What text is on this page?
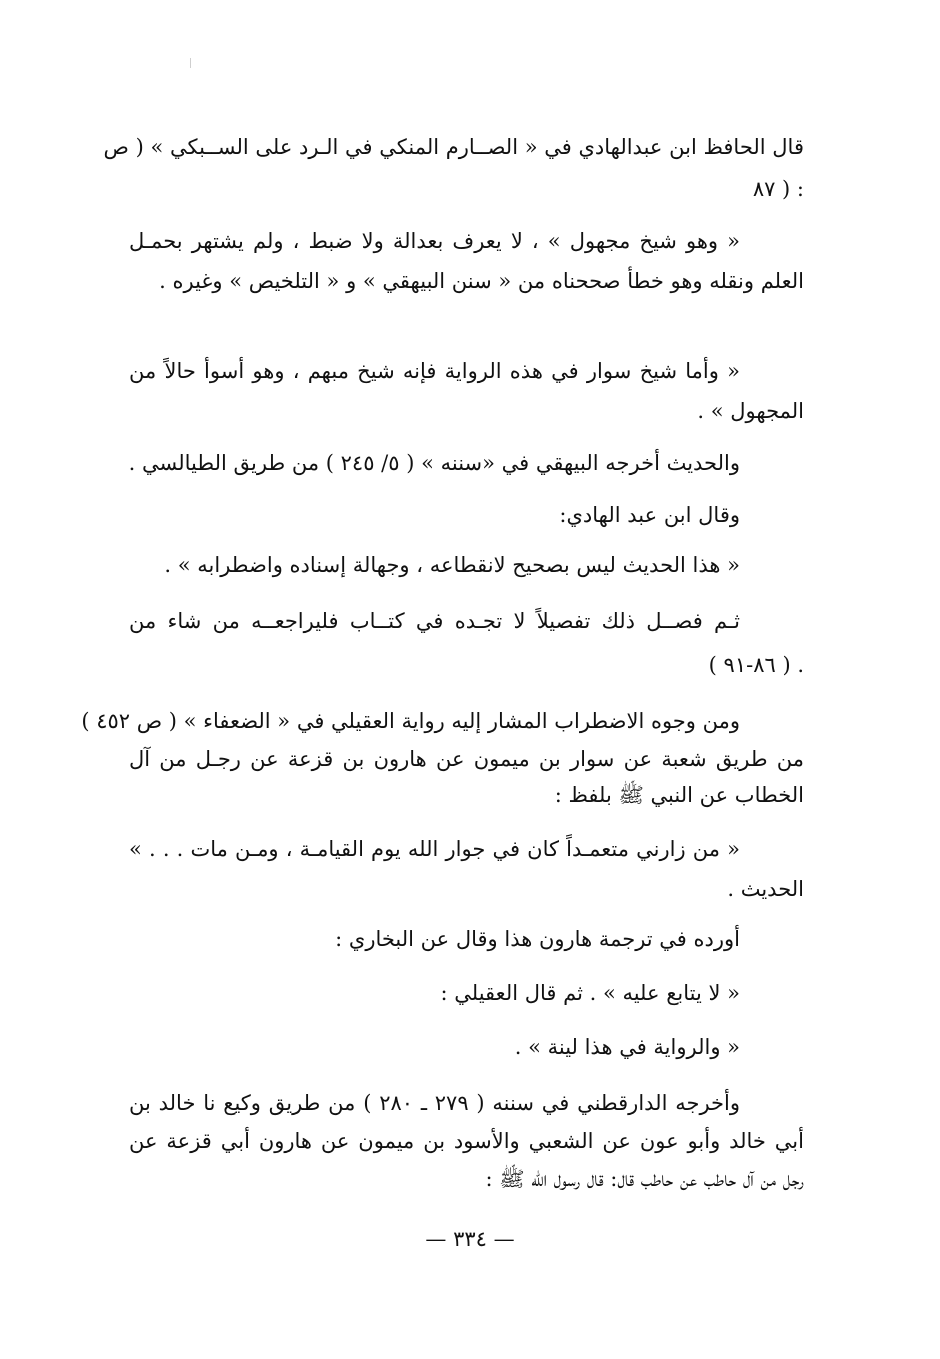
قال الحافظ ابن عبدالهادي في « الصــارم المنكي في الـرد على الســبكي » ( ص
٨٧ ) :
« وهو شيخ مجهول » ، لا يعرف بعدالة ولا ضبط ، ولم يشتهر بحمـل
العلم ونقله وهو خطأ صححناه من « سنن البيهقي » و « التلخيص » وغيره .
« وأما شيخ سوار في هذه الرواية فإنه شيخ مبهم ، وهو أسوأ حالاً من
المجهول » .
والحديث أخرجه البيهقي في «سننه » ( ٥/ ٢٤٥ ) من طريق الطيالسي .
وقال ابن عبد الهادي:
« هذا الحديث ليس بصحيح لانقطاعه ، وجهالة إسناده واضطرابه » .
ثـم فصــل ذلك تفصيلاً لا تجـده في كتــاب فليراجعــه من شاء من
( ٨٦-٩١ ) .
ومن وجوه الاضطراب المشار إليه رواية العقيلي في « الضعفاء » ( ص ٤٥٢ )
من طريق شعبة عن سوار بن ميمون عن هارون بن قزعة عن رجـل من آل
الخطاب عن النبي ﷺ بلفظ :
« من زارني متعمـداً كان في جوار الله يوم القيامـة ، ومـن مات . . . »
الحديث .
أورده في ترجمة هارون هذا وقال عن البخاري :
« لا يتابع عليه » . ثم قال العقيلي :
« والرواية في هذا لينة » .
وأخرجه الدارقطني في سننه ( ٢٧٩ ـ ٢٨٠ ) من طريق وكيع نا خالد بن
أبي خالد وأبو عون عن الشعبي والأسود بن ميمون عن هارون أبي قزعة عن
رجل من آل حاطب عن حاطب قال: قال رسول الله ﷺ :
— ٣٣٤ —
